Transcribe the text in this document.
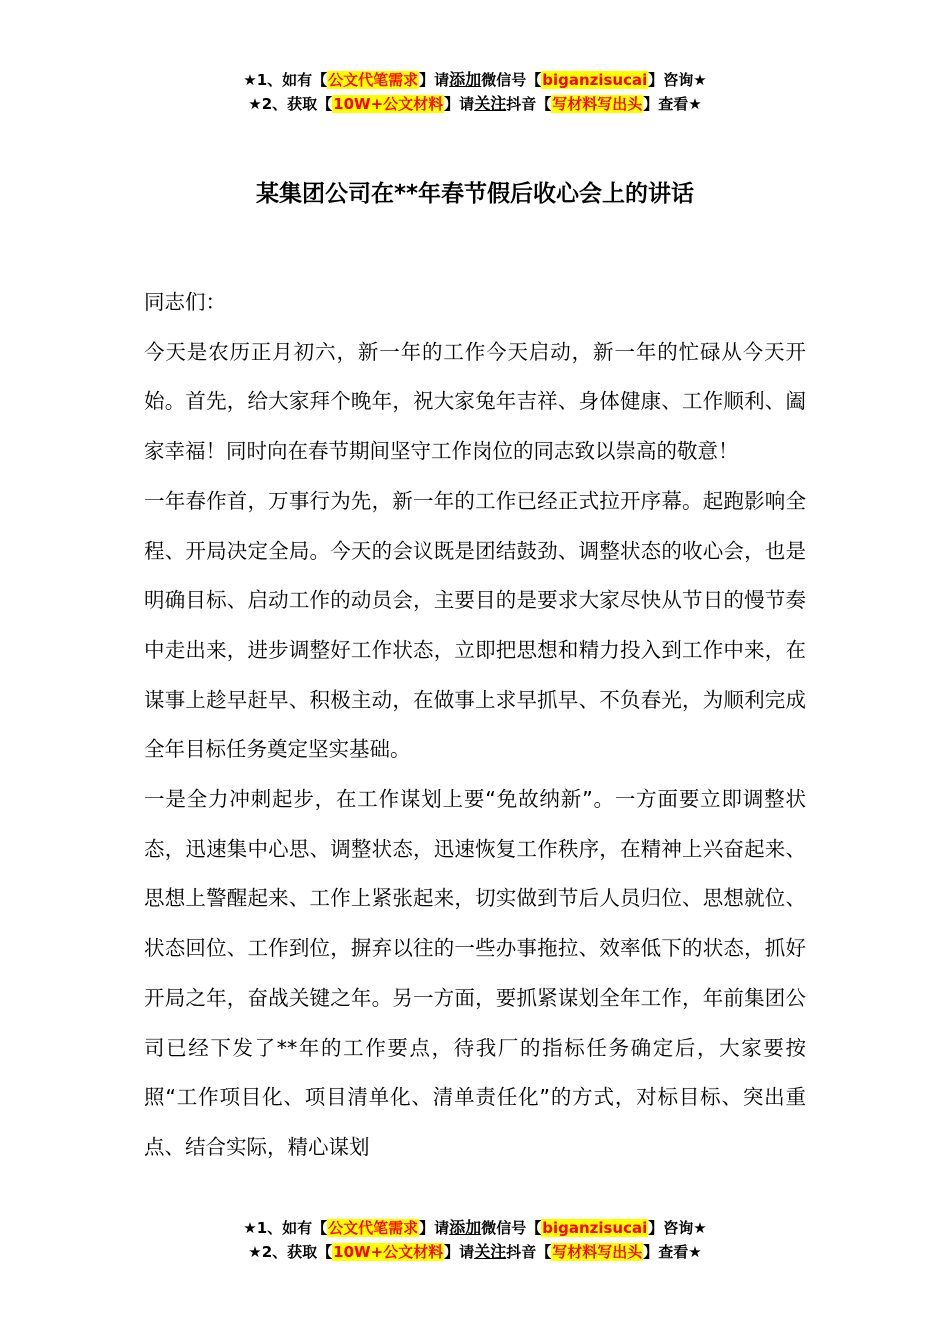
★1、如有【公文代笔需求】请添加微信号【biganzisucai】咨询★
★2、获取【10W+公文材料】请关注抖音【写材料写出头】查看★
某集团公司在**年春节假后收心会上的讲话

同志们：

今天是农历正月初六，新一年的工作今天启动，新一年的忙碌从今天开始。首先，给大家拜个晚年，祝大家兔年吉祥、身体健康、工作顺利、阖家幸福！同时向在春节期间坚守工作岗位的同志致以崇高的敬意！

一年春作首，万事行为先，新一年的工作已经正式拉开序幕。起跑影响全程、开局决定全局。今天的会议既是团结鼓劲、调整状态的收心会，也是明确目标、启动工作的动员会，主要目的是要求大家尽快从节日的慢节奏中走出来，进步调整好工作状态，立即把思想和精力投入到工作中来，在谋事上趁早赶早、积极主动，在做事上求早抓早、不负春光，为顺利完成全年目标任务奠定坚实基础。

一是全力冲刺起步，在工作谋划上要“免故纳新”。一方面要立即调整状态，迅速集中心思、调整状态，迅速恢复工作秩序，在精神上兴奋起来、思想上警醒起来、工作上紧张起来，切实做到节后人员归位、思想就位、状态回位、工作到位，摒弃以往的一些办事拖拉、效率低下的状态，抓好开局之年，奋战关键之年。另一方面，要抓紧谋划全年工作，年前集团公司已经下发了**年的工作要点，待我厂的指标任务确定后，大家要按照“工作项目化、项目清单化、清单责任化”的方式，对标目标、突出重点、结合实际，精心谋划

★1、如有【公文代笔需求】请添加微信号【biganzisucai】咨询★
★2、获取【10W+公文材料】请关注抖音【写材料写出头】查看★
